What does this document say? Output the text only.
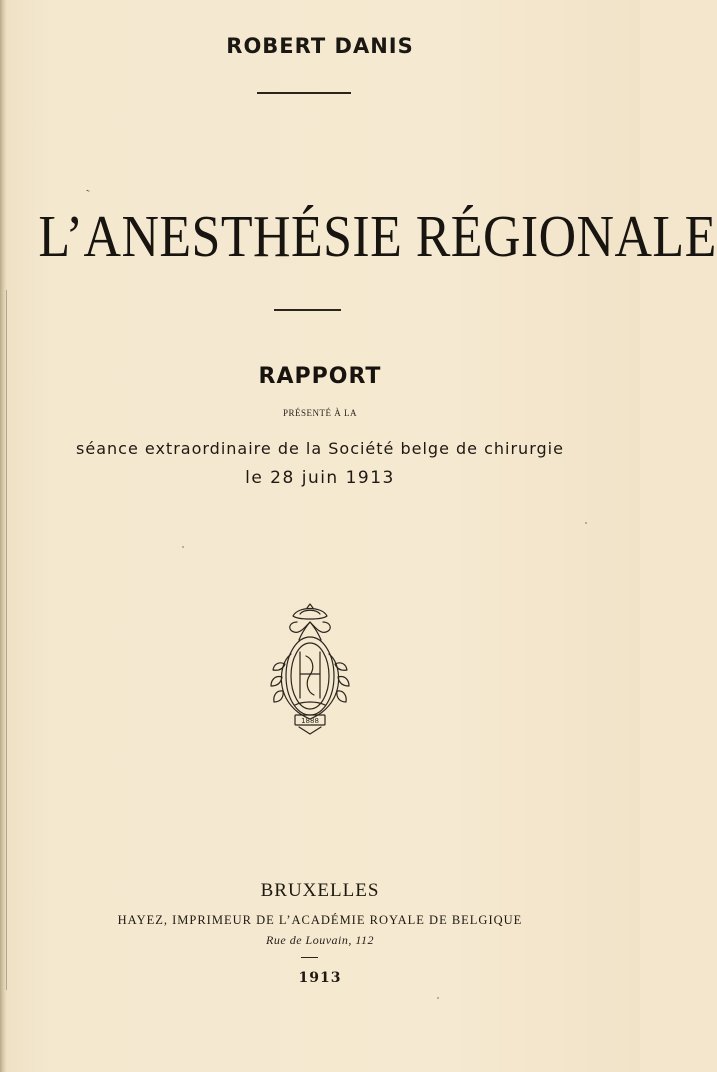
ROBERT DANIS
`
L’ANESTHÉSIE RÉGIONALE
RAPPORT
PRÉSENTÉ À LA
séance extraordinaire de la Société belge de chirurgie
le 28 juin 1913
1888
BRUXELLES
HAYEZ, IMPRIMEUR DE L’ACADÉMIE ROYALE DE BELGIQUE
Rue de Louvain, 112
1913
